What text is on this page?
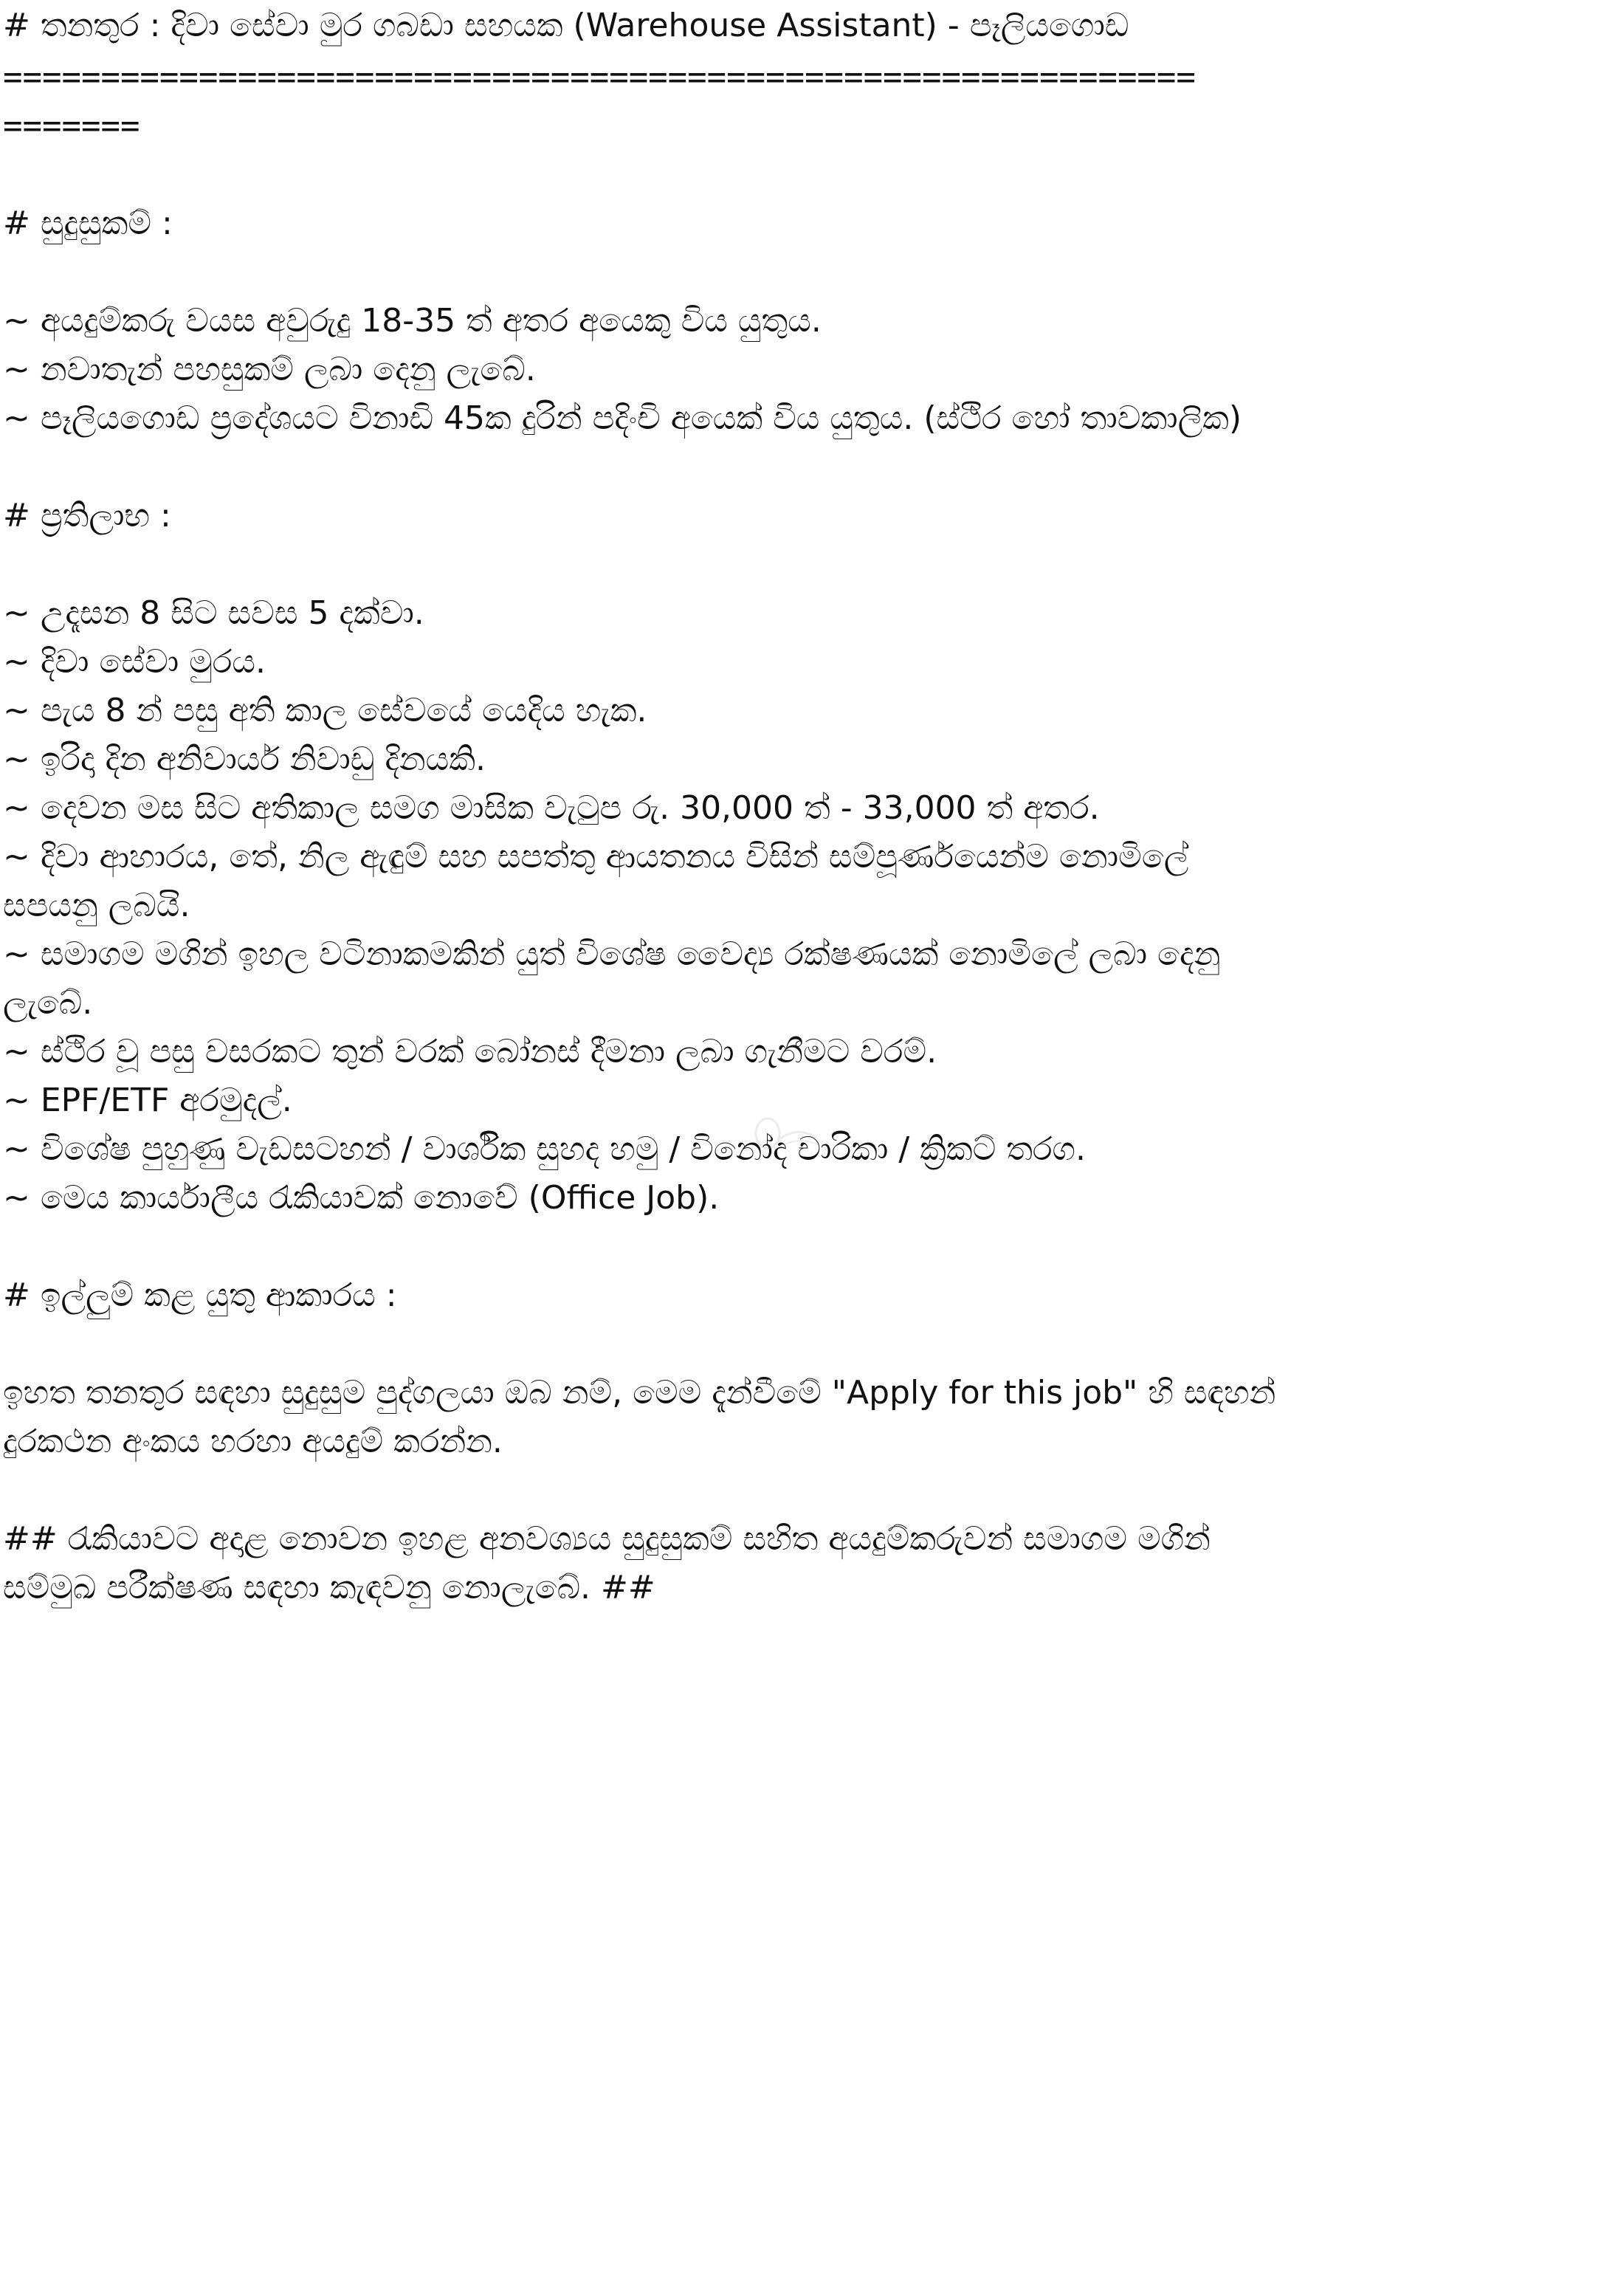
# තනතුර : දිවා සේවා මුර ගබඩා සහයක (Warehouse Assistant) - පෑලියගොඩ
=============================================================
=======
# සුදුසුකම් :
~ අයදුම්කරු වයස අවුරුදු 18-35 ත් අතර අයෙකු විය යුතුය.
~ නවාතැන් පහසුකම් ලබා දෙනු ලැබේ.
~ පෑලියගොඩ ප්‍රදේශයට විනාඩි 45ක දුරින් පදිංචි අයෙක් විය යුතුය. (ස්ථිර හෝ තාවකාලික)
# ප්‍රතිලාභ :
~ උදෑසන 8 සිට සවස 5 දක්වා.
~ දිවා සේවා මුරය.
~ පැය 8 න් පසු අති කාල සේවයේ යෙදිය හැක.
~ ඉරිදා දින අනිවාර්ය නිවාඩු දිනයකි.
~ දෙවන මස සිට අතිකාල සමග මාසික වැටුප රු. 30,000 ත් - 33,000 ත් අතර.
~ දිවා ආහාරය, තේ, නිල ඇඳුම් සහ සපත්තු ආයතනය විසින් සම්පූර්ණයෙන්ම නොමිලේ
සපයනු ලබයි.
~ සමාගම මගින් ඉහල වටිනාකමකින් යුත් විශේෂ වෛද්‍ය රක්ෂණයක් නොමිලේ ලබා දෙනු
ලැබේ.
~ ස්ථිර වූ පසු වසරකට තුන් වරක් බෝනස් දීමනා ලබා ගැනීමට වරම්.
~ EPF/ETF අරමුදල්.
~ විශේෂ පුහුණු වැඩසටහන් / වාර්ශික සුහද හමු / විනෝද චාරිකා / ක්‍රිකට් තරග.
~ මෙය කාර්යාලීය රැකියාවක් නොවේ (Office Job).
# ඉල්ලුම් කළ යුතු ආකාරය :
ඉහත තනතුර සඳහා සුදුසුම පුද්ගලයා ඔබ නම්, මෙම දැන්වීමේ "Apply for this job" හි සඳහන්
දුරකථන අංකය හරහා අයදුම් කරන්න.
## රැකියාවට අදාළ නොවන ඉහළ අනවශ්‍යය සුදුසුකම් සහිත අයදුම්කරුවන් සමාගම මගින්
සම්මුඛ පරීක්ෂණ සඳහා කැඳවනු නොලැබේ. ##
